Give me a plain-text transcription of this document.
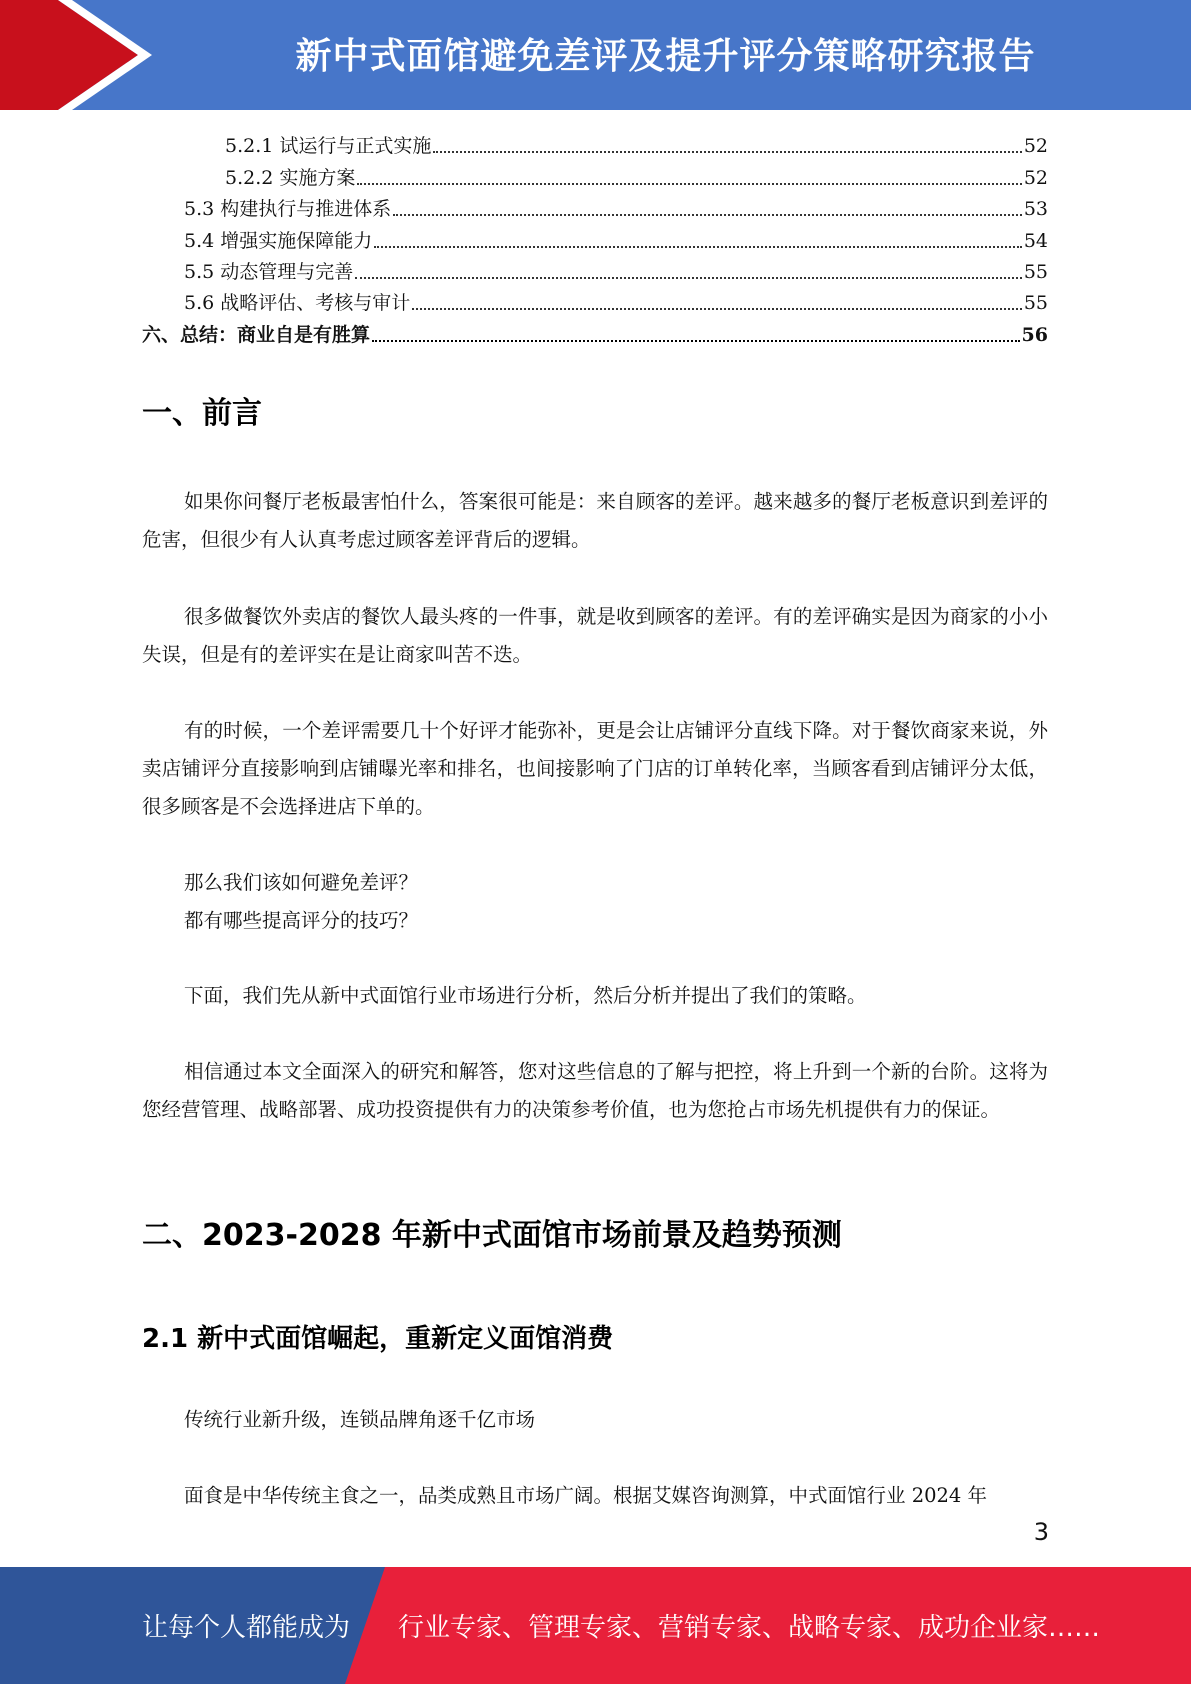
新中式面馆避免差评及提升评分策略研究报告
5.2.1 试运行与正式实施	52
5.2.2 实施方案	52
5.3 构建执行与推进体系	53
5.4 增强实施保障能力	54
5.5 动态管理与完善	55
5.6 战略评估、考核与审计	55
六、总结：商业自是有胜算	56
一、前言

如果你问餐厅老板最害怕什么，答案很可能是：来自顾客的差评。越来越多的餐厅老板意识到差评的危害，但很少有人认真考虑过顾客差评背后的逻辑。

很多做餐饮外卖店的餐饮人最头疼的一件事，就是收到顾客的差评。有的差评确实是因为商家的小小失误，但是有的差评实在是让商家叫苦不迭。

有的时候，一个差评需要几十个好评才能弥补，更是会让店铺评分直线下降。对于餐饮商家来说，外卖店铺评分直接影响到店铺曝光率和排名，也间接影响了门店的订单转化率，当顾客看到店铺评分太低，很多顾客是不会选择进店下单的。

那么我们该如何避免差评？

都有哪些提高评分的技巧？

下面，我们先从新中式面馆行业市场进行分析，然后分析并提出了我们的策略。

相信通过本文全面深入的研究和解答，您对这些信息的了解与把控，将上升到一个新的台阶。这将为您经营管理、战略部署、成功投资提供有力的决策参考价值，也为您抢占市场先机提供有力的保证。

二、2023-2028 年新中式面馆市场前景及趋势预测
2.1 新中式面馆崛起，重新定义面馆消费

传统行业新升级，连锁品牌角逐千亿市场

面食是中华传统主食之一，品类成熟且市场广阔。根据艾媒咨询测算，中式面馆行业 2024 年

3
让每个人都能成为 行业专家、管理专家、营销专家、战略专家、成功企业家……
